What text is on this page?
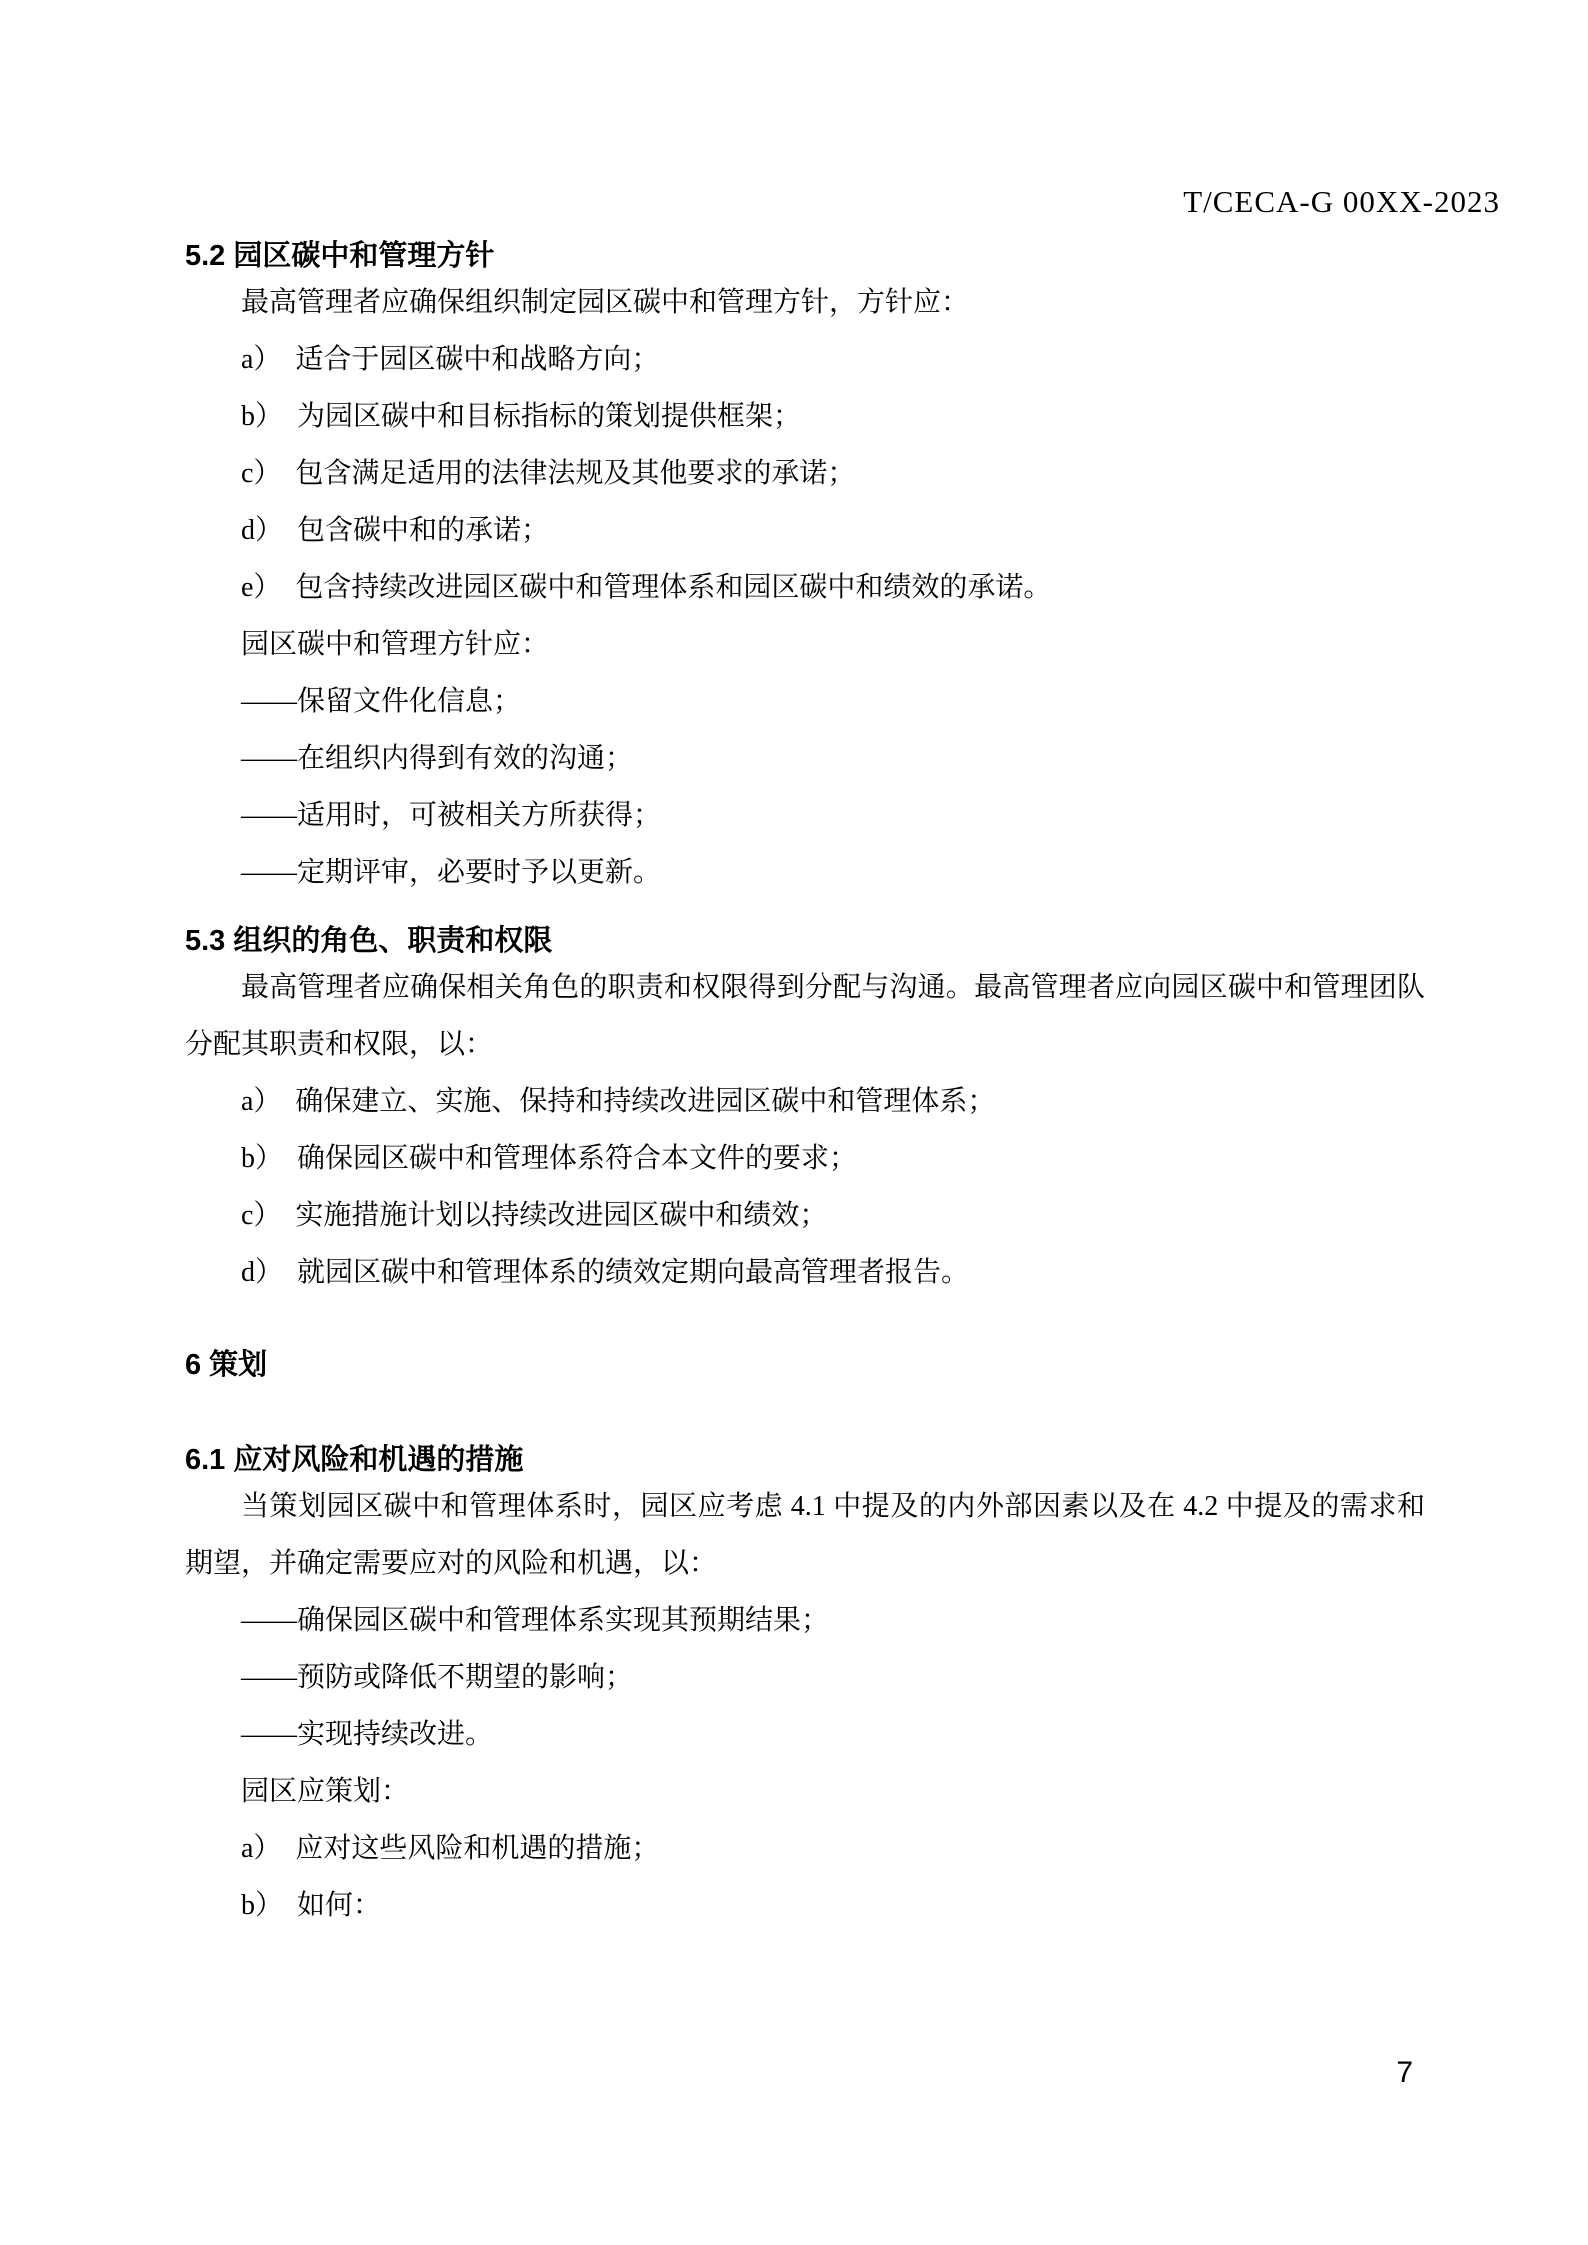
T/CECA-G 00XX-2023
5.2 园区碳中和管理方针

最高管理者应确保组织制定园区碳中和管理方针，方针应：

a）　适合于园区碳中和战略方向；

b）　为园区碳中和目标指标的策划提供框架；

c）　包含满足适用的法律法规及其他要求的承诺；

d）　包含碳中和的承诺；

e）　包含持续改进园区碳中和管理体系和园区碳中和绩效的承诺。

园区碳中和管理方针应：

——保留文件化信息；

——在组织内得到有效的沟通；

——适用时，可被相关方所获得；

——定期评审，必要时予以更新。

5.3 组织的角色、职责和权限

最高管理者应确保相关角色的职责和权限得到分配与沟通。最高管理者应向园区碳中和管理团队分配其职责和权限，以：

a）　确保建立、实施、保持和持续改进园区碳中和管理体系；

b）　确保园区碳中和管理体系符合本文件的要求；

c）　实施措施计划以持续改进园区碳中和绩效；

d）　就园区碳中和管理体系的绩效定期向最高管理者报告。

6 策划
6.1 应对风险和机遇的措施

当策划园区碳中和管理体系时，园区应考虑 4.1 中提及的内外部因素以及在 4.2 中提及的需求和期望，并确定需要应对的风险和机遇，以：

——确保园区碳中和管理体系实现其预期结果；

——预防或降低不期望的影响；

——实现持续改进。

园区应策划：

a）　应对这些风险和机遇的措施；

b）　如何：

7
